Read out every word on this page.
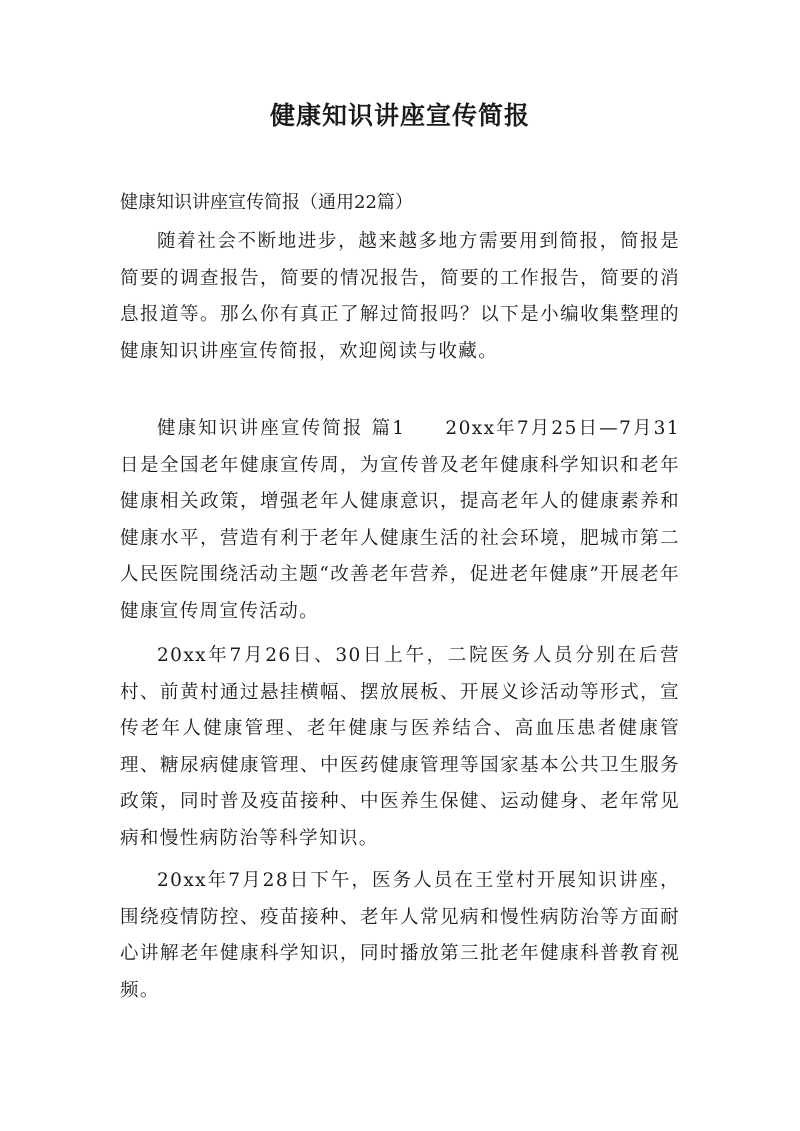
健康知识讲座宣传简报

健康知识讲座宣传简报（通用22篇）

随着社会不断地进步，越来越多地方需要用到简报，简报是简要的调查报告，简要的情况报告，简要的工作报告，简要的消息报道等。那么你有真正了解过简报吗？以下是小编收集整理的健康知识讲座宣传简报，欢迎阅读与收藏。

健康知识讲座宣传简报 篇1 20xx年7月25日—7月31日是全国老年健康宣传周，为宣传普及老年健康科学知识和老年健康相关政策，增强老年人健康意识，提高老年人的健康素养和健康水平，营造有利于老年人健康生活的社会环境，肥城市第二人民医院围绕活动主题“改善老年营养，促进老年健康”开展老年健康宣传周宣传活动。

20xx年7月26日、30日上午，二院医务人员分别在后营村、前黄村通过悬挂横幅、摆放展板、开展义诊活动等形式，宣传老年人健康管理、老年健康与医养结合、高血压患者健康管理、糖尿病健康管理、中医药健康管理等国家基本公共卫生服务政策，同时普及疫苗接种、中医养生保健、运动健身、老年常见病和慢性病防治等科学知识。

20xx年7月28日下午，医务人员在王堂村开展知识讲座，围绕疫情防控、疫苗接种、老年人常见病和慢性病防治等方面耐心讲解老年健康科学知识，同时播放第三批老年健康科普教育视频。
